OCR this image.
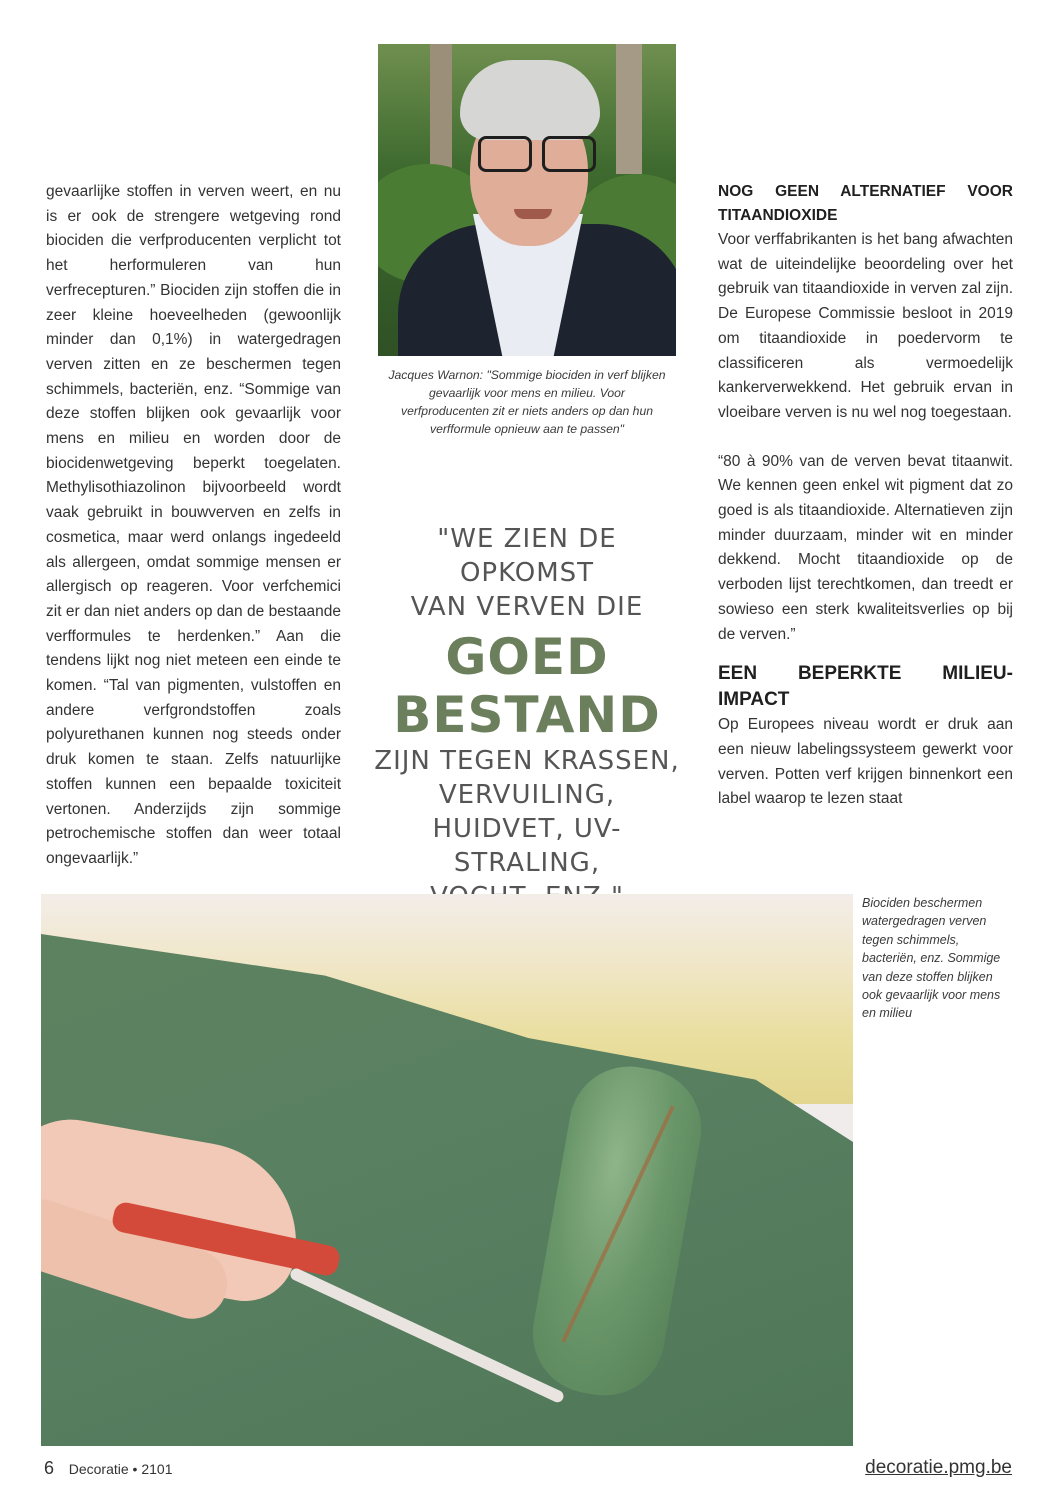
gevaarlijke stoffen in verven weert, en nu is er ook de strengere wetgeving rond biociden die verfproducenten verplicht tot het herformuleren van hun verfrecepturen.” Biociden zijn stoffen die in zeer kleine hoeveelheden (gewoonlijk minder dan 0,1%) in watergedragen verven zitten en ze beschermen tegen schimmels, bacteriën, enz. “Sommige van deze stoffen blijken ook gevaarlijk voor mens en milieu en worden door de biocidenwetgeving beperkt toegelaten. Methylisothiazolinon bijvoorbeeld wordt vaak gebruikt in bouwverven en zelfs in cosmetica, maar werd onlangs ingedeeld als allergeen, omdat sommige mensen er allergisch op reageren. Voor verfchemici zit er dan niet anders op dan de bestaande verfformules te herdenken.” Aan die tendens lijkt nog niet meteen een einde te komen. “Tal van pigmenten, vulstoffen en andere verfgrondstoffen zoals polyurethanen kunnen nog steeds onder druk komen te staan. Zelfs natuurlijke stoffen kunnen een bepaalde toxiciteit vertonen. Anderzijds zijn sommige petrochemische stoffen dan weer totaal ongevaarlijk.”

Jacques Warnon: "Sommige biociden in verf blijken gevaarlijk voor mens en milieu. Voor verfproducenten zit er niets anders op dan hun verfformule opnieuw aan te passen"

"WE ZIEN DE OPKOMST

VAN VERVEN DIE

GOED

BESTAND

ZIJN TEGEN KRASSEN,

VERVUILING,

HUIDVET, UV-STRALING,

NOG GEEN ALTERNATIEF VOOR TITAANDIOXIDE

Voor verffabrikanten is het bang afwachten wat de uiteindelijke beoordeling over het gebruik van titaandioxide in verven zal zijn. De Europese Commissie besloot in 2019 om titaandioxide in poedervorm te classificeren als vermoedelijk kankerverwekkend. Het gebruik ervan in vloeibare verven is nu wel nog toegestaan.

“80 à 90% van de verven bevat titaanwit. We kennen geen enkel wit pigment dat zo goed is als titaandioxide. Alternatieven zijn minder duurzaam, minder wit en minder dekkend. Mocht titaandioxide op de verboden lijst terechtkomen, dan treedt er sowieso een sterk kwaliteitsverlies op bij de verven.”

EEN BEPERKTE MILIEU-IMPACT

Op Europees niveau wordt er druk aan een nieuw labelingssysteem gewerkt voor verven. Potten verf krijgen binnenkort een label waarop te lezen staat

Biociden beschermen watergedragen verven tegen schimmels, bacteriën, enz. Sommige van deze stoffen blijken ook gevaarlijk voor mens en milieu
6 Decoratie • 2101	decoratie.pmg.be
